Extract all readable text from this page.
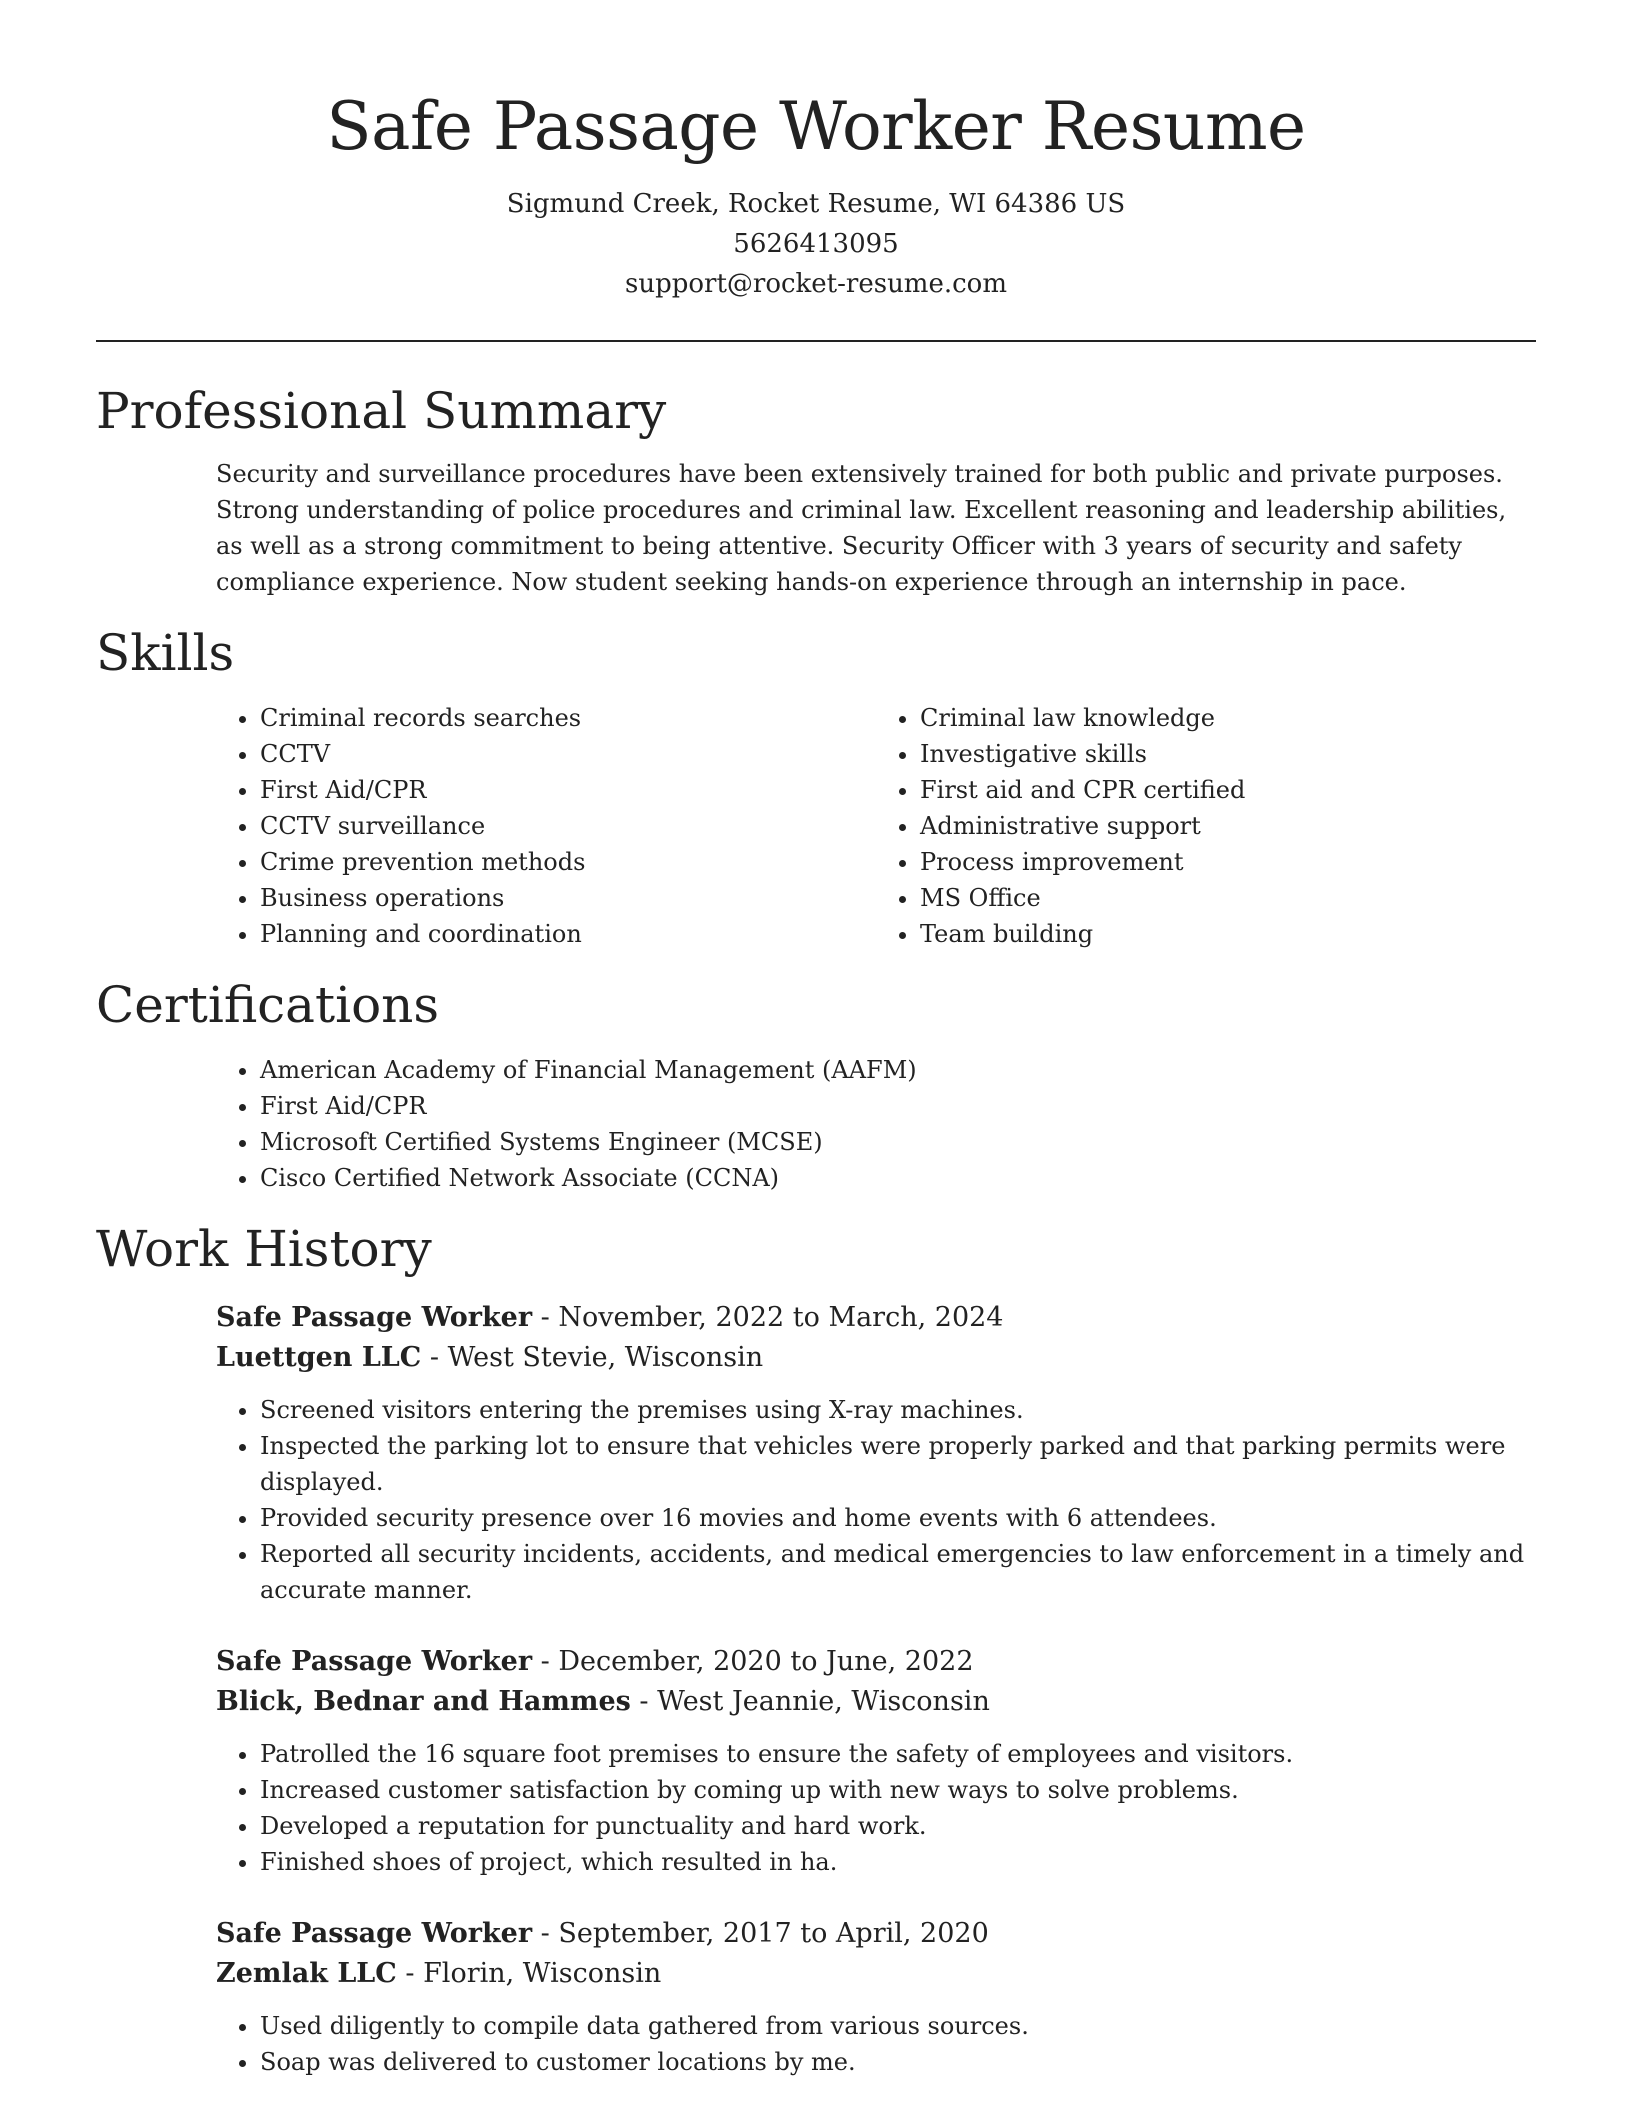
Safe Passage Worker Resume

Sigmund Creek, Rocket Resume, WI 64386 US

5626413095

support@rocket-resume.com

Professional Summary

Security and surveillance procedures have been extensively trained for both public and private purposes. Strong understanding of police procedures and criminal law. Excellent reasoning and leadership abilities, as well as a strong commitment to being attentive. Security Officer with 3 years of security and safety compliance experience. Now student seeking hands-on experience through an internship in pace.

Skills
• Criminal records searches
• CCTV
• First Aid/CPR
• CCTV surveillance
• Crime prevention methods
• Business operations
• Planning and coordination
• Criminal law knowledge
• Investigative skills
• First aid and CPR certified
• Administrative support
• Process improvement
• MS Office
• Team building
Certifications
• American Academy of Financial Management (AAFM)
• First Aid/CPR
• Microsoft Certified Systems Engineer (MCSE)
• Cisco Certified Network Associate (CCNA)
Work History
Safe Passage Worker - November, 2022 to March, 2024
Luettgen LLC - West Stevie, Wisconsin
• Screened visitors entering the premises using X-ray machines.
• Inspected the parking lot to ensure that vehicles were properly parked and that parking permits were displayed.
• Provided security presence over 16 movies and home events with 6 attendees.
• Reported all security incidents, accidents, and medical emergencies to law enforcement in a timely and accurate manner.
Safe Passage Worker - December, 2020 to June, 2022
Blick, Bednar and Hammes - West Jeannie, Wisconsin
• Patrolled the 16 square foot premises to ensure the safety of employees and visitors.
• Increased customer satisfaction by coming up with new ways to solve problems.
• Developed a reputation for punctuality and hard work.
• Finished shoes of project, which resulted in ha.
Safe Passage Worker - September, 2017 to April, 2020
Zemlak LLC - Florin, Wisconsin
• Used diligently to compile data gathered from various sources.
• Soap was delivered to customer locations by me.
